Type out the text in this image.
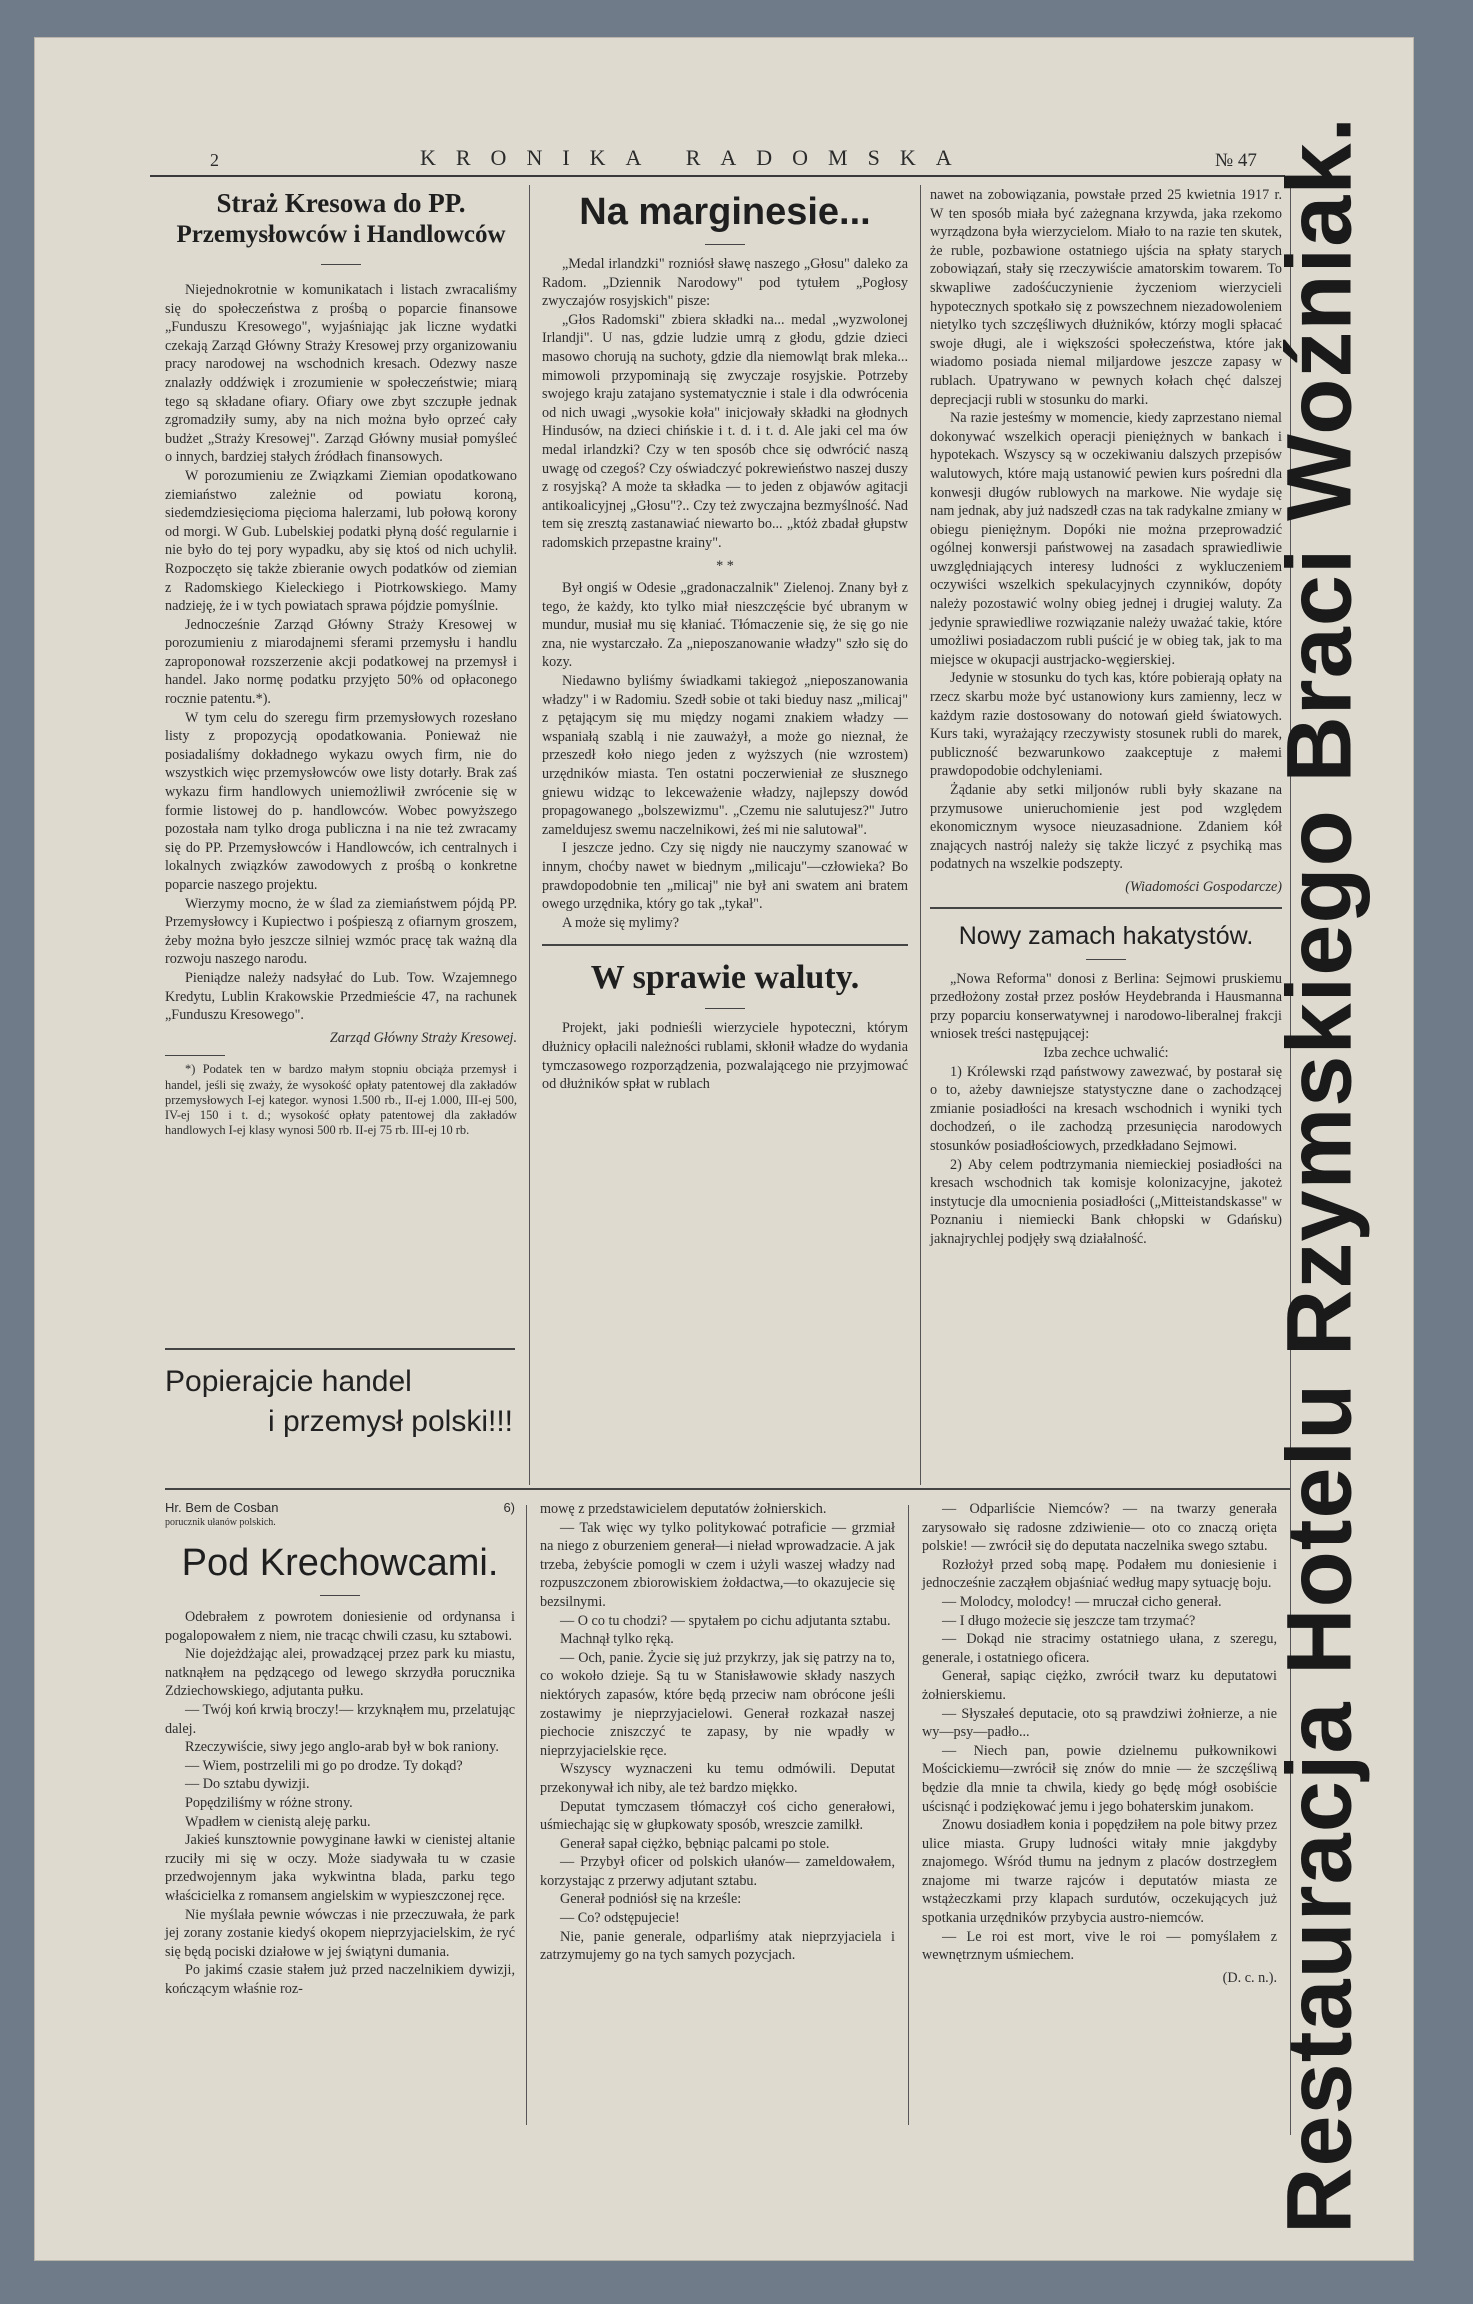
2	KRONIKA RADOMSKA	№ 47
Straż Kresowa do PP.
Przemysłowców i Handlowców

Niejednokrotnie w komunikatach i listach zwracaliśmy się do społeczeństwa z prośbą o poparcie finansowe „Funduszu Kresowego", wyjaśniając jak liczne wydatki czekają Zarząd Główny Straży Kresowej przy organizowaniu pracy narodowej na wschodnich kresach. Odezwy nasze znalazły oddźwięk i zrozumienie w społeczeństwie; miarą tego są składane ofiary. Ofiary owe zbyt szczupłe jednak zgromadziły sumy, aby na nich można było oprzeć cały budżet „Straży Kresowej". Zarząd Główny musiał pomyśleć o innych, bardziej stałych źródłach finansowych.

W porozumieniu ze Związkami Ziemian opodatkowano ziemiaństwo zależnie od powiatu koroną, siedemdziesięcioma pięcioma halerzami, lub połową korony od morgi. W Gub. Lubelskiej podatki płyną dość regularnie i nie było do tej pory wypadku, aby się ktoś od nich uchylił. Rozpoczęto się także zbieranie owych podatków od ziemian z Radomskiego Kieleckiego i Piotrkowskiego. Mamy nadzieję, że i w tych powiatach sprawa pójdzie pomyślnie.

Jednocześnie Zarząd Główny Straży Kresowej w porozumieniu z miarodajnemi sferami przemysłu i handlu zaproponował rozszerzenie akcji podatkowej na przemysł i handel. Jako normę podatku przyjęto 50% od opłaconego rocznie patentu.*).

W tym celu do szeregu firm przemysłowych rozesłano listy z propozycją opodatkowania. Ponieważ nie posiadaliśmy dokładnego wykazu owych firm, nie do wszystkich więc przemysłowców owe listy dotarły. Brak zaś wykazu firm handlowych uniemożliwił zwrócenie się w formie listowej do p. handlowców. Wobec powyższego pozostała nam tylko droga publiczna i na nie też zwracamy się do PP. Przemysłowców i Handlowców, ich centralnych i lokalnych związków zawodowych z prośbą o konkretne poparcie naszego projektu.

Wierzymy mocno, że w ślad za ziemiaństwem pójdą PP. Przemysłowcy i Kupiectwo i pośpieszą z ofiarnym groszem, żeby można było jeszcze silniej wzmóc pracę tak ważną dla rozwoju naszego narodu.

Pieniądze należy nadsyłać do Lub. Tow. Wzajemnego Kredytu, Lublin Krakowskie Przedmieście 47, na rachunek „Funduszu Kresowego".

Zarząd Główny Straży Kresowej.

*) Podatek ten w bardzo małym stopniu obciąża przemysł i handel, jeśli się zważy, że wysokość opłaty patentowej dla zakładów przemysłowych I-ej kategor. wynosi 1.500 rb., II-ej 1.000, III-ej 500, IV-ej 150 i t. d.; wysokość opłaty patentowej dla zakładów handlowych I-ej klasy wynosi 500 rb. II-ej 75 rb. III-ej 10 rb.

Popierajcie handel
i przemysł polski!!!
Na marginesie...

„Medal irlandzki" rozniósł sławę naszego „Głosu" daleko za Radom. „Dziennik Narodowy" pod tytułem „Pogłosy zwyczajów rosyjskich" pisze:

„Głos Radomski" zbiera składki na... medal „wyzwolonej Irlandji". U nas, gdzie ludzie umrą z głodu, gdzie dzieci masowo chorują na suchoty, gdzie dla niemowląt brak mleka... mimowoli przypominają się zwyczaje rosyjskie. Potrzeby swojego kraju zatajano systematycznie i stale i dla odwrócenia od nich uwagi „wysokie koła" inicjowały składki na głodnych Hindusów, na dzieci chińskie i t. d. i t. d. Ale jaki cel ma ów medal irlandzki? Czy w ten sposób chce się odwrócić naszą uwagę od czegoś? Czy oświadczyć pokrewieństwo naszej duszy z rosyjską? A może ta składka — to jeden z objawów agitacji antikoalicyjnej „Głosu"?.. Czy też zwyczajna bezmyślność. Nad tem się zresztą zastanawiać niewarto bo... „któż zbadał głupstw radomskich przepastne krainy".

* *

Był ongiś w Odesie „gradonaczalnik" Zielenoj. Znany był z tego, że każdy, kto tylko miał nieszczęście być ubranym w mundur, musiał mu się kłaniać. Tłómaczenie się, że się go nie zna, nie wystarczało. Za „nieposzanowanie władzy" szło się do kozy.

Niedawno byliśmy świadkami takiegoż „nieposzanowania władzy" i w Radomiu. Szedł sobie ot taki bieduy nasz „milicaj" z pętającym się mu między nogami znakiem władzy — wspaniałą szablą i nie zauważył, a może go nieznał, że przeszedł koło niego jeden z wyższych (nie wzrostem) urzędników miasta. Ten ostatni poczerwieniał ze słusznego gniewu widząc to lekceważenie władzy, najlepszy dowód propagowanego „bolszewizmu". „Czemu nie salutujesz?" Jutro zameldujesz swemu naczelnikowi, żeś mi nie salutował".

I jeszcze jedno. Czy się nigdy nie nauczymy szanować w innym, choćby nawet w biednym „milicaju"—człowieka? Bo prawdopodobnie ten „milicaj" nie był ani swatem ani bratem owego urzędnika, który go tak „tykał".

A może się mylimy?

W sprawie waluty.

Projekt, jaki podnieśli wierzyciele hypoteczni, którym dłużnicy opłacili należności rublami, skłonił władze do wydania tymczasowego rozporządzenia, pozwalającego nie przyjmować od dłużników spłat w rublach

nawet na zobowiązania, powstałe przed 25 kwietnia 1917 r. W ten sposób miała być zażegnana krzywda, jaka rzekomo wyrządzona była wierzycielom. Miało to na razie ten skutek, że ruble, pozbawione ostatniego ujścia na spłaty starych zobowiązań, stały się rzeczywiście amatorskim towarem. To skwapliwe zadośćuczynienie życzeniom wierzycieli hypotecznych spotkało się z powszechnem niezadowoleniem nietylko tych szczęśliwych dłużników, którzy mogli spłacać swoje długi, ale i większości społeczeństwa, które jak wiadomo posiada niemal miljardowe jeszcze zapasy w rublach. Upatrywano w pewnych kołach chęć dalszej deprecjacji rubli w stosunku do marki.

Na razie jesteśmy w momencie, kiedy zaprzestano niemal dokonywać wszelkich operacji pieniężnych w bankach i hypotekach. Wszyscy są w oczekiwaniu dalszych przepisów walutowych, które mają ustanowić pewien kurs pośredni dla konwesji długów rublowych na markowe. Nie wydaje się nam jednak, aby już nadszedł czas na tak radykalne zmiany w obiegu pieniężnym. Dopóki nie można przeprowadzić ogólnej konwersji państwowej na zasadach sprawiedliwie uwzględniających interesy ludności z wykluczeniem oczywiści wszelkich spekulacyjnych czynników, dopóty należy pozostawić wolny obieg jednej i drugiej waluty. Za jedynie sprawiedliwe rozwiązanie należy uważać takie, które umożliwi posiadaczom rubli puścić je w obieg tak, jak to ma miejsce w okupacji austrjacko-węgierskiej.

Jedynie w stosunku do tych kas, które pobierają opłaty na rzecz skarbu może być ustanowiony kurs zamienny, lecz w każdym razie dostosowany do notowań giełd światowych. Kurs taki, wyrażający rzeczywisty stosunek rubli do marek, publiczność bezwarunkowo zaakceptuje z małemi prawdopodobie odchyleniami.

Żądanie aby setki miljonów rubli były skazane na przymusowe unieruchomienie jest pod względem ekonomicznym wysoce nieuzasadnione. Zdaniem kół znających nastrój należy się także liczyć z psychiką mas podatnych na wszelkie podszepty.

(Wiadomości Gospodarcze)

Nowy zamach hakatystów.

„Nowa Reforma" donosi z Berlina: Sejmowi pruskiemu przedłożony został przez posłów Heydebranda i Hausmanna przy poparciu konserwatywnej i narodowo-liberalnej frakcji wniosek treści następującej:

Izba zechce uchwalić:

1) Królewski rząd państwowy zawezwać, by postarał się o to, ażeby dawniejsze statystyczne dane o zachodzącej zmianie posiadłości na kresach wschodnich i wyniki tych dochodzeń, o ile zachodzą przesunięcia narodowych stosunków posiadłościowych, przedkładano Sejmowi.

2) Aby celem podtrzymania niemieckiej posiadłości na kresach wschodnich tak komisje kolonizacyjne, jakoteż instytucje dla umocnienia posiadłości („Mitteistandskasse" w Poznaniu i niemiecki Bank chłopski w Gdańsku) jaknajrychlej podjęły swą działalność.

Hr. Bem de Cosban	6)
porucznik ułanów polskich.
Pod Krechowcami.

Odebrałem z powrotem doniesienie od ordynansa i pogalopowałem z niem, nie tracąc chwili czasu, ku sztabowi.

Nie dojeżdżając alei, prowadzącej przez park ku miastu, natknąłem na pędzącego od lewego skrzydła porucznika Zdziechowskiego, adjutanta pułku.

— Twój koń krwią broczy!— krzyknąłem mu, przelatując dalej.

Rzeczywiście, siwy jego anglo-arab był w bok raniony.

— Wiem, postrzelili mi go po drodze. Ty dokąd?

— Do sztabu dywizji.

Popędziliśmy w różne strony.

Wpadłem w cienistą aleję parku.

Jakieś kunsztownie powyginane ławki w cienistej altanie rzuciły mi się w oczy. Może siadywała tu w czasie przedwojennym jaka wykwintna blada, parku tego właścicielka z romansem angielskim w wypieszczonej ręce.

Nie myślała pewnie wówczas i nie przeczuwała, że park jej zorany zostanie kiedyś okopem nieprzyjacielskim, że ryć się będą pociski działowe w jej świątyni dumania.

Po jakimś czasie stałem już przed naczelnikiem dywizji, kończącym właśnie roz-

mowę z przedstawicielem deputatów żołnierskich.

— Tak więc wy tylko politykować potraficie — grzmiał na niego z oburzeniem generał—i nieład wprowadzacie. A jak trzeba, żebyście pomogli w czem i użyli waszej władzy nad rozpuszczonem zbiorowiskiem żołdactwa,—to okazujecie się bezsilnymi.

— O co tu chodzi? — spytałem po cichu adjutanta sztabu.

Machnął tylko ręką.

— Och, panie. Życie się już przykrzy, jak się patrzy na to, co wokoło dzieje. Są tu w Stanisławowie składy naszych niektórych zapasów, które będą przeciw nam obrócone jeśli zostawimy je nieprzyjacielowi. Generał rozkazał naszej piechocie zniszczyć te zapasy, by nie wpadły w nieprzyjacielskie ręce.

Wszyscy wyznaczeni ku temu odmówili. Deputat przekonywał ich niby, ale też bardzo miękko.

Deputat tymczasem tłómaczył coś cicho generałowi, uśmiechając się w głupkowaty sposób, wreszcie zamilkł.

Generał sapał ciężko, bębniąc palcami po stole.

— Przybył oficer od polskich ułanów— zameldowałem, korzystając z przerwy adjutant sztabu.

Generał podniósł się na krześle:

— Co? odstępujecie!

Nie, panie generale, odparliśmy atak nieprzyjaciela i zatrzymujemy go na tych samych pozycjach.

— Odparliście Niemców? — na twarzy generała zarysowało się radosne zdziwienie— oto co znaczą orięta polskie! — zwrócił się do deputata naczelnika swego sztabu.

Rozłożył przed sobą mapę. Podałem mu doniesienie i jednocześnie zacząłem objaśniać według mapy sytuację boju.

— Molodcy, molodcy! — mruczał cicho generał.

— I długo możecie się jeszcze tam trzymać?

— Dokąd nie stracimy ostatniego ułana, z szeregu, generale, i ostatniego oficera.

Generał, sapiąc ciężko, zwrócił twarz ku deputatowi żołnierskiemu.

— Słyszałeś deputacie, oto są prawdziwi żołnierze, a nie wy—psy—padło...

— Niech pan, powie dzielnemu pułkownikowi Mościckiemu—zwrócił się znów do mnie — że szczęśliwą będzie dla mnie ta chwila, kiedy go będę mógł osobiście uścisnąć i podziękować jemu i jego bohaterskim junakom.

Znowu dosiadłem konia i popędziłem na pole bitwy przez ulice miasta. Grupy ludności witały mnie jakgdyby znajomego. Wśród tłumu na jednym z placów dostrzegłem znajome mi twarze rajców i deputatów miasta ze wstążeczkami przy klapach surdutów, oczekujących już spotkania urzędników przybycia austro-niemców.

— Le roi est mort, vive le roi — pomyślałem z wewnętrznym uśmiechem.

(D. c. n.).

Restauracja Hotelu Rzymskiego Braci Woźniak.
